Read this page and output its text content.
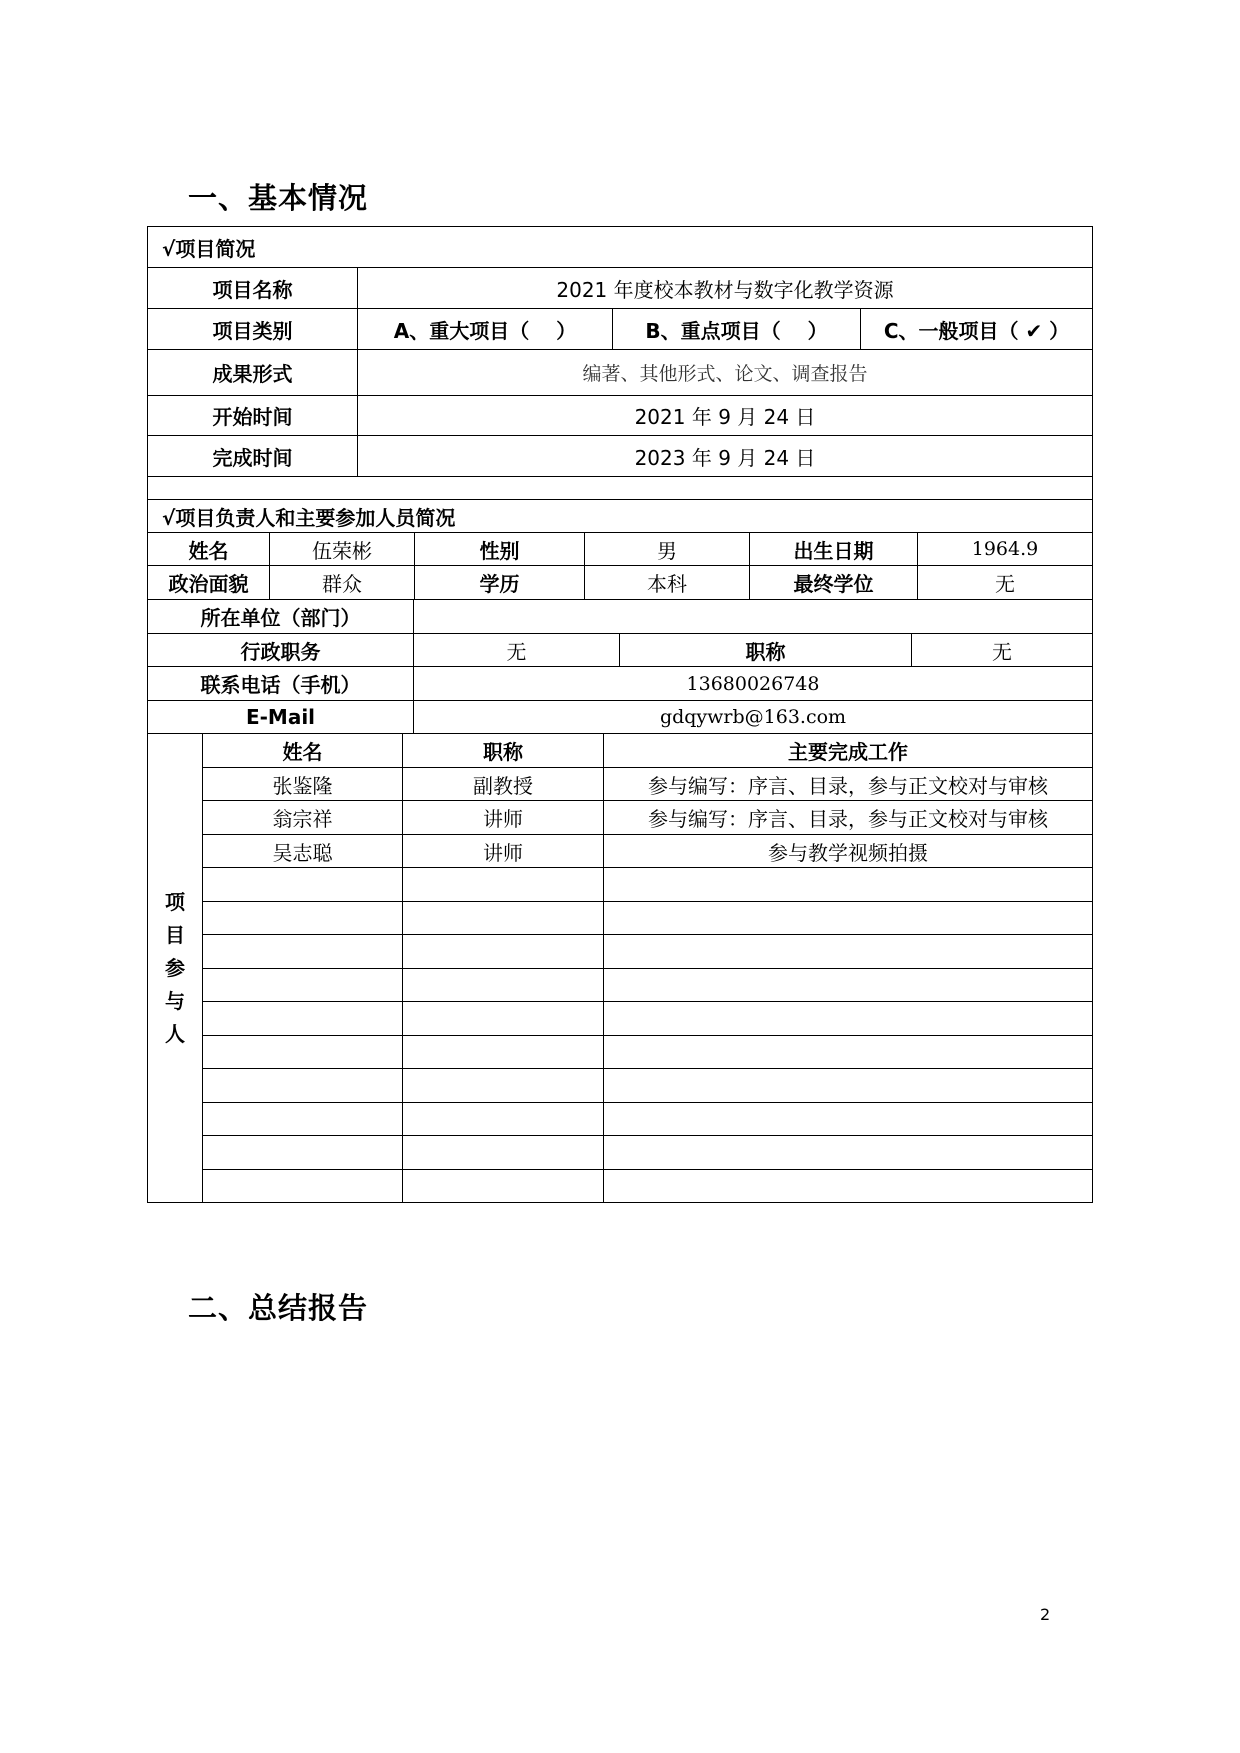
一、基本情况
√项目简况			
项目名称	2021 年度校本教材与数字化教学资源		
项目类别	A、重大项目（　 ）	B、重点项目（　 ）	C、一般项目（ ✔ ）
成果形式	编著、其他形式、论文、调查报告		
开始时间	2021 年 9 月 24 日		
完成时间	2023 年 9 月 24 日		

√项目负责人和主要参加人员简况					
姓名	伍荣彬	性别	男	出生日期	1964.9
政治面貌	群众	学历	本科	最终学位	无
所在单位（部门）			
行政职务	无	职称	无
联系电话（手机）	13680026748		
E-Mail	gdqywrb@163.com		
项
目
参
与
人	姓名	职称	主要完成工作
	张鉴隆	副教授	参与编写：序言、目录，参与正文校对与审核
	翁宗祥	讲师	参与编写：序言、目录，参与正文校对与审核
	吴志聪	讲师	参与教学视频拍摄

二、总结报告
2
